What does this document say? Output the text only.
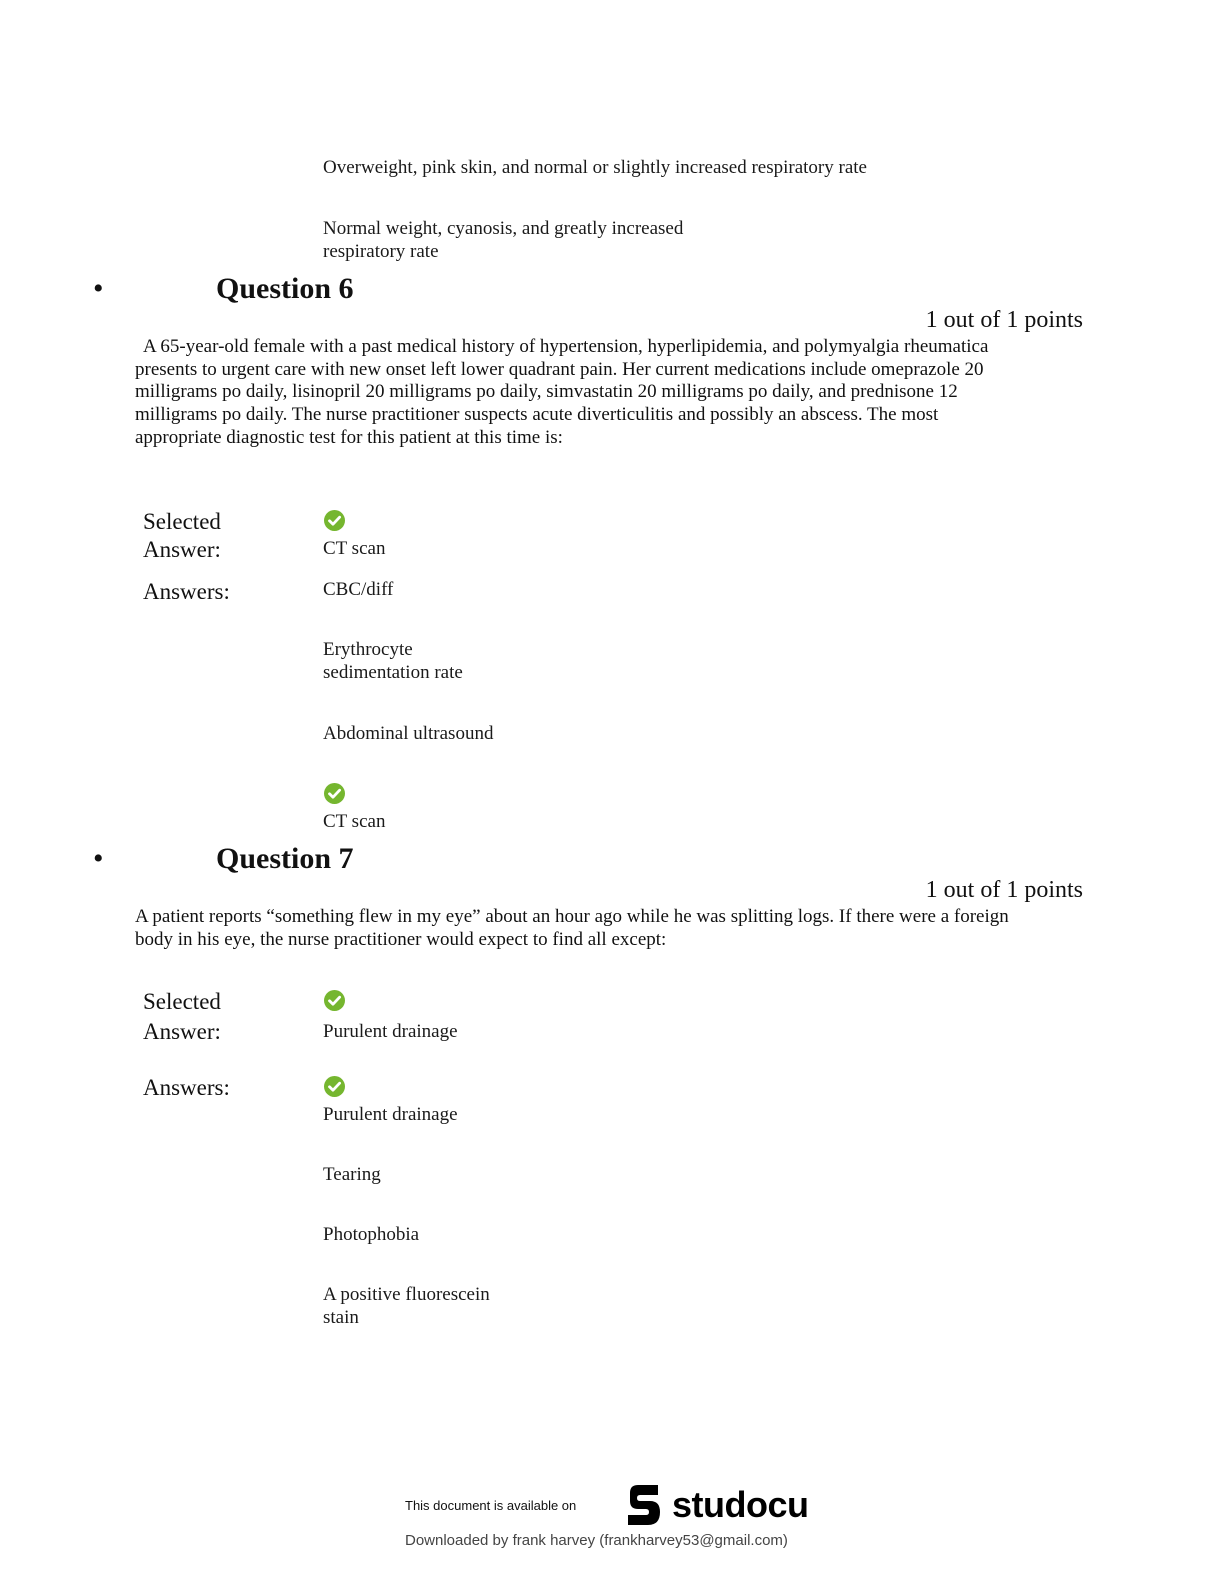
Overweight, pink skin, and normal or slightly increased respiratory rate
Normal weight, cyanosis, and greatly increased
respiratory rate
•	Question 6
1 out of 1 points
A 65-year-old female with a past medical history of hypertension, hyperlipidemia, and polymyalgia rheumatica presents to urgent care with new onset left lower quadrant pain. Her current medications include omeprazole 20 milligrams po daily, lisinopril 20 milligrams po daily, simvastatin 20 milligrams po daily, and prednisone 12 milligrams po daily. The nurse practitioner suspects acute diverticulitis and possibly an abscess. The most appropriate diagnostic test for this patient at this time is:
Selected
Answer:	CT scan
Answers:	CBC/diff
Erythrocyte
sedimentation rate
Abdominal ultrasound
CT scan
•	Question 7
1 out of 1 points
A patient reports “something flew in my eye” about an hour ago while he was splitting logs. If there were a foreign body in his eye, the nurse practitioner would expect to find all except:
Selected
Answer:	Purulent drainage
Answers:
Purulent drainage
Tearing
Photophobia
A positive fluorescein
stain
This document is available on	studocu
Downloaded by frank harvey (frankharvey53@gmail.com)
